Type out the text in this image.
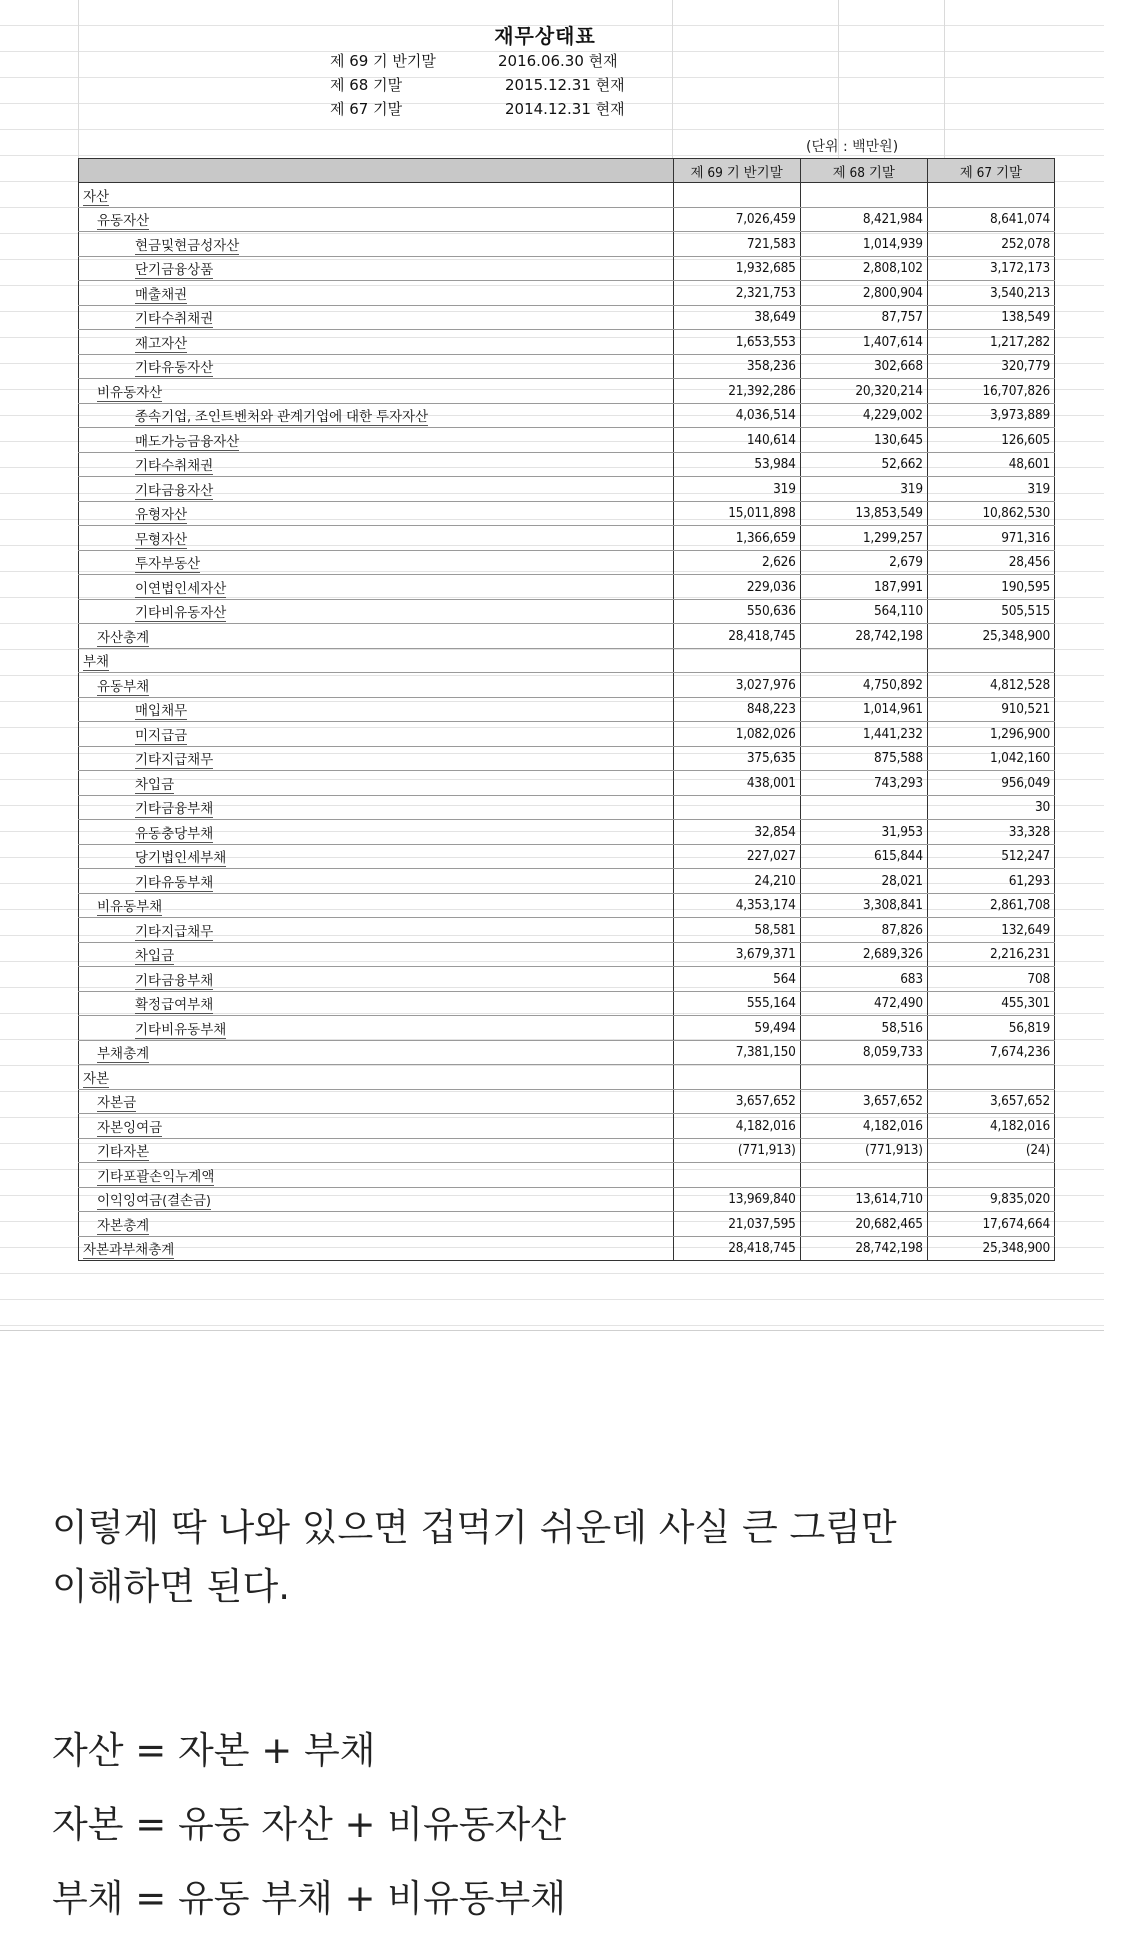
재무상태표
제 69 기 반기말	2016.06.30 현재
제 68 기말	2015.12.31 현재
제 67 기말	2014.12.31 현재
(단위 : 백만원)
	제 69 기 반기말	제 68 기말	제 67 기말
자산			
유동자산	7,026,459	8,421,984	8,641,074
현금및현금성자산	721,583	1,014,939	252,078
단기금융상품	1,932,685	2,808,102	3,172,173
매출채권	2,321,753	2,800,904	3,540,213
기타수취채권	38,649	87,757	138,549
재고자산	1,653,553	1,407,614	1,217,282
기타유동자산	358,236	302,668	320,779
비유동자산	21,392,286	20,320,214	16,707,826
종속기업, 조인트벤처와 관계기업에 대한 투자자산	4,036,514	4,229,002	3,973,889
매도가능금융자산	140,614	130,645	126,605
기타수취채권	53,984	52,662	48,601
기타금융자산	319	319	319
유형자산	15,011,898	13,853,549	10,862,530
무형자산	1,366,659	1,299,257	971,316
투자부동산	2,626	2,679	28,456
이연법인세자산	229,036	187,991	190,595
기타비유동자산	550,636	564,110	505,515
자산총계	28,418,745	28,742,198	25,348,900
부채			
유동부채	3,027,976	4,750,892	4,812,528
매입채무	848,223	1,014,961	910,521
미지급금	1,082,026	1,441,232	1,296,900
기타지급채무	375,635	875,588	1,042,160
차입금	438,001	743,293	956,049
기타금융부채			30
유동충당부채	32,854	31,953	33,328
당기법인세부채	227,027	615,844	512,247
기타유동부채	24,210	28,021	61,293
비유동부채	4,353,174	3,308,841	2,861,708
기타지급채무	58,581	87,826	132,649
차입금	3,679,371	2,689,326	2,216,231
기타금융부채	564	683	708
확정급여부채	555,164	472,490	455,301
기타비유동부채	59,494	58,516	56,819
부채총계	7,381,150	8,059,733	7,674,236
자본			
자본금	3,657,652	3,657,652	3,657,652
자본잉여금	4,182,016	4,182,016	4,182,016
기타자본	(771,913)	(771,913)	(24)
기타포괄손익누계액			
이익잉여금(결손금)	13,969,840	13,614,710	9,835,020
자본총계	21,037,595	20,682,465	17,674,664
자본과부채총계	28,418,745	28,742,198	25,348,900

이렇게 딱 나와 있으면 겁먹기 쉬운데 사실 큰 그림만

이해하면 된다.

자산 = 자본 + 부채

자본 = 유동 자산 + 비유동자산

부채 = 유동 부채 + 비유동부채
